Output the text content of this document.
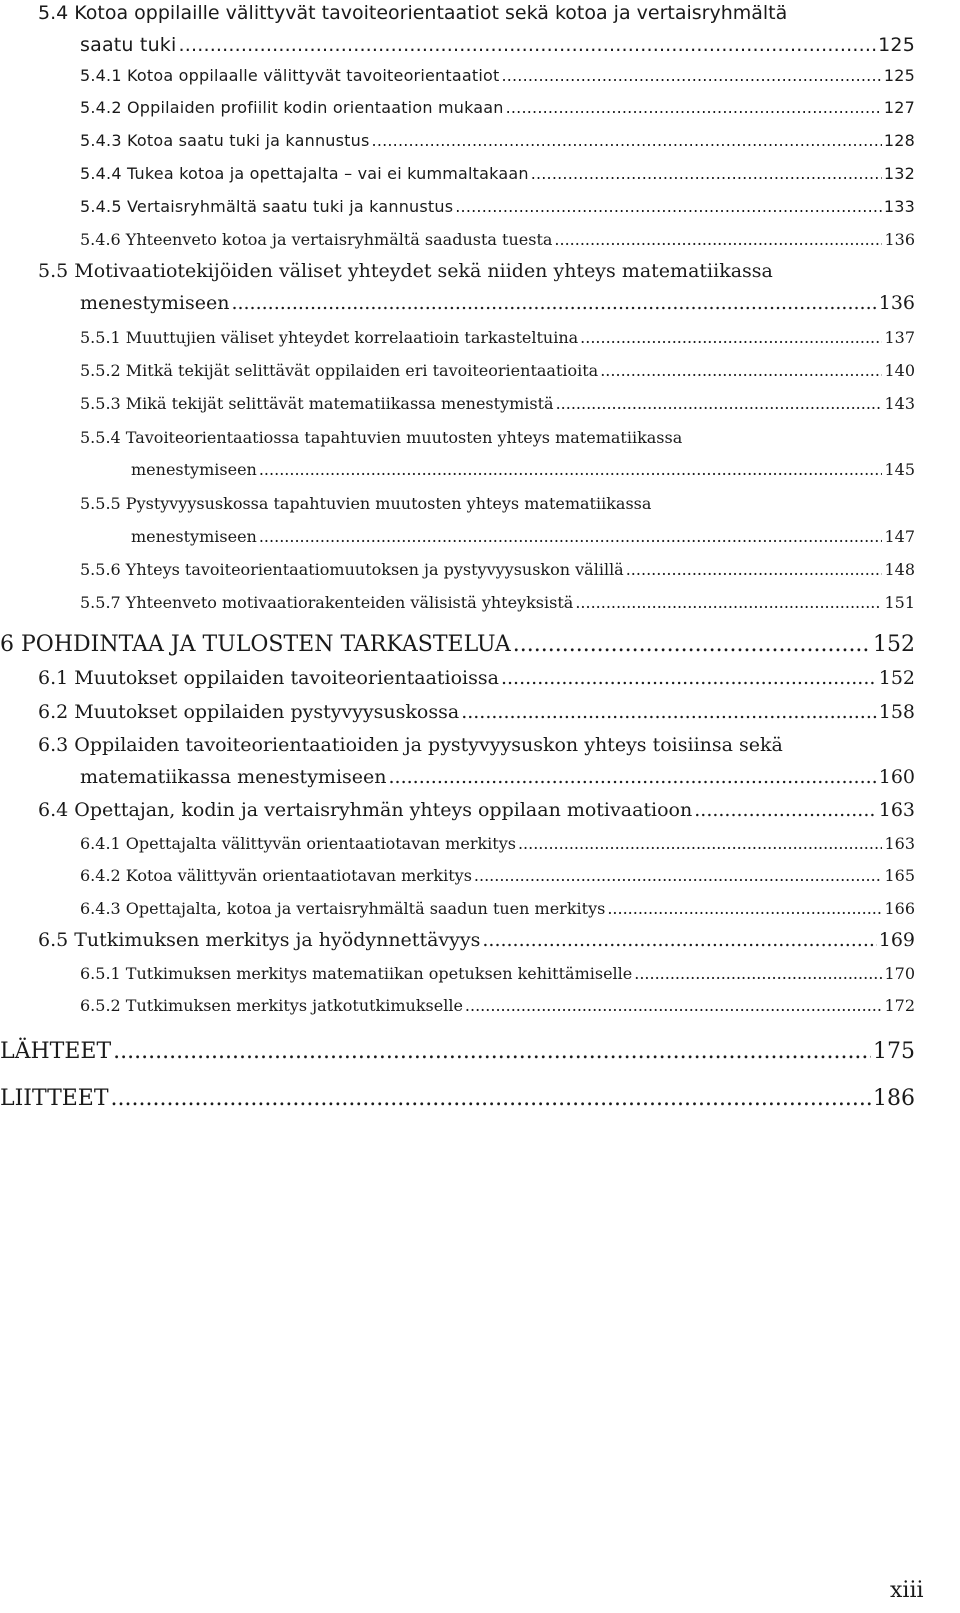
5.4 Kotoa oppilaille välittyvät tavoiteorientaatiot sekä kotoa ja vertaisryhmältä
saatu tuki .....	125
5.4.1 Kotoa oppilaalle välittyvät tavoiteorientaatiot .....	125
5.4.2 Oppilaiden profiilit kodin orientaation mukaan .....	127
5.4.3 Kotoa saatu tuki ja kannustus .....	128
5.4.4 Tukea kotoa ja opettajalta – vai ei kummaltakaan .....	132
5.4.5 Vertaisryhmältä saatu tuki ja kannustus .....	133
5.4.6 Yhteenveto kotoa ja vertaisryhmältä saadusta tuesta .....	136
5.5 Motivaatiotekijöiden väliset yhteydet sekä niiden yhteys matematiikassa
menestymiseen .....	136
5.5.1 Muuttujien väliset yhteydet korrelaatioin tarkasteltuina .....	137
5.5.2 Mitkä tekijät selittävät oppilaiden eri tavoiteorientaatioita .....	140
5.5.3 Mikä tekijät selittävät matematiikassa menestymistä .....	143
5.5.4 Tavoiteorientaatiossa tapahtuvien muutosten yhteys matematiikassa
menestymiseen .....	145
5.5.5 Pystyvyysuskossa tapahtuvien muutosten yhteys matematiikassa
menestymiseen .....	147
5.5.6 Yhteys tavoiteorientaatiomuutoksen ja pystyvyysuskon välillä .....	148
5.5.7 Yhteenveto motivaatiorakenteiden välisistä yhteyksistä .....	151
6 POHDINTAA JA TULOSTEN TARKASTELUA .....	152
6.1 Muutokset oppilaiden tavoiteorientaatioissa .....	152
6.2 Muutokset oppilaiden pystyvyysuskossa .....	158
6.3 Oppilaiden tavoiteorientaatioiden ja pystyvyysuskon yhteys toisiinsa sekä
matematiikassa menestymiseen .....	160
6.4 Opettajan, kodin ja vertaisryhmän yhteys oppilaan motivaatioon .....	163
6.4.1 Opettajalta välittyvän orientaatiotavan merkitys .....	163
6.4.2 Kotoa välittyvän orientaatiotavan merkitys .....	165
6.4.3 Opettajalta, kotoa ja vertaisryhmältä saadun tuen merkitys .....	166
6.5 Tutkimuksen merkitys ja hyödynnettävyys .....	169
6.5.1 Tutkimuksen merkitys matematiikan opetuksen kehittämiselle .....	170
6.5.2 Tutkimuksen merkitys jatkotutkimukselle .....	172
LÄHTEET .....	175
LIITTEET .....	186
xiii
